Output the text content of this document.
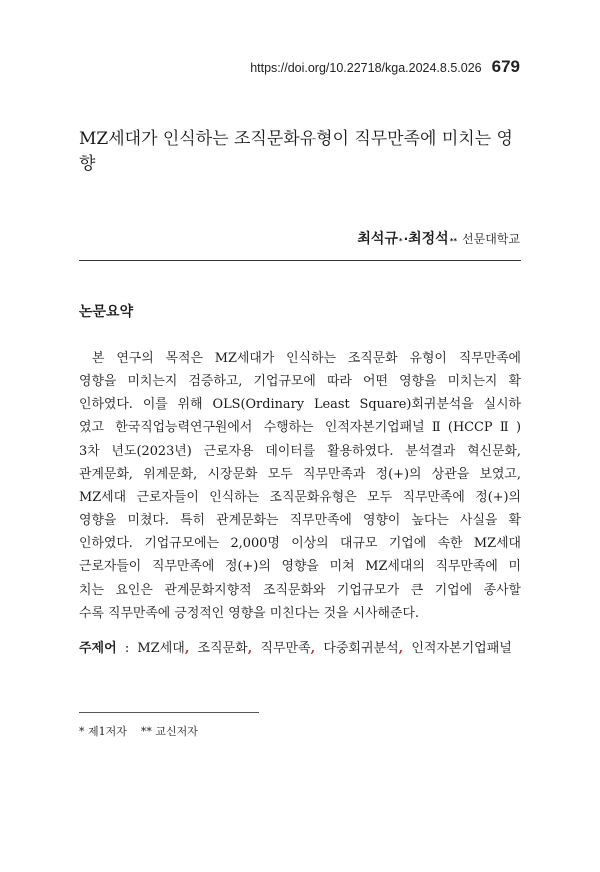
https://doi.org/10.22718/kga.2024.8.5.026 679
MZ세대가 인식하는 조직문화유형이 직무만족에 미치는 영향
최석규 * · 최정석 ** 선문대학교
논문요약
본 연구의 목적은 MZ세대가 인식하는 조직문화 유형이 직무만족에
영향을 미치는지 검증하고, 기업규모에 따라 어떤 영향을 미치는지 확
인하였다. 이를 위해 OLS(Ordinary Least Square)회귀분석을 실시하
였고 한국직업능력연구원에서 수행하는 인적자본기업패널Ⅱ(HCCPⅡ)
3차 년도(2023년) 근로자용 데이터를 활용하였다. 분석결과 혁신문화,
관계문화, 위계문화, 시장문화 모두 직무만족과 정(+)의 상관을 보였고,
MZ세대 근로자들이 인식하는 조직문화유형은 모두 직무만족에 정(+)의
영향을 미쳤다. 특히 관계문화는 직무만족에 영향이 높다는 사실을 확
인하였다. 기업규모에는 2,000명 이상의 대규모 기업에 속한 MZ세대
근로자들이 직무만족에 정(+)의 영향을 미쳐 MZ세대의 직무만족에 미
치는 요인은 관계문화지향적 조직문화와 기업규모가 큰 기업에 종사할
수록 직무만족에 긍정적인 영향을 미친다는 것을 시사해준다.
주제어 : MZ세대, 조직문화, 직무만족, 다중회귀분석, 인적자본기업패널
* 제1저자 ** 교신저자
